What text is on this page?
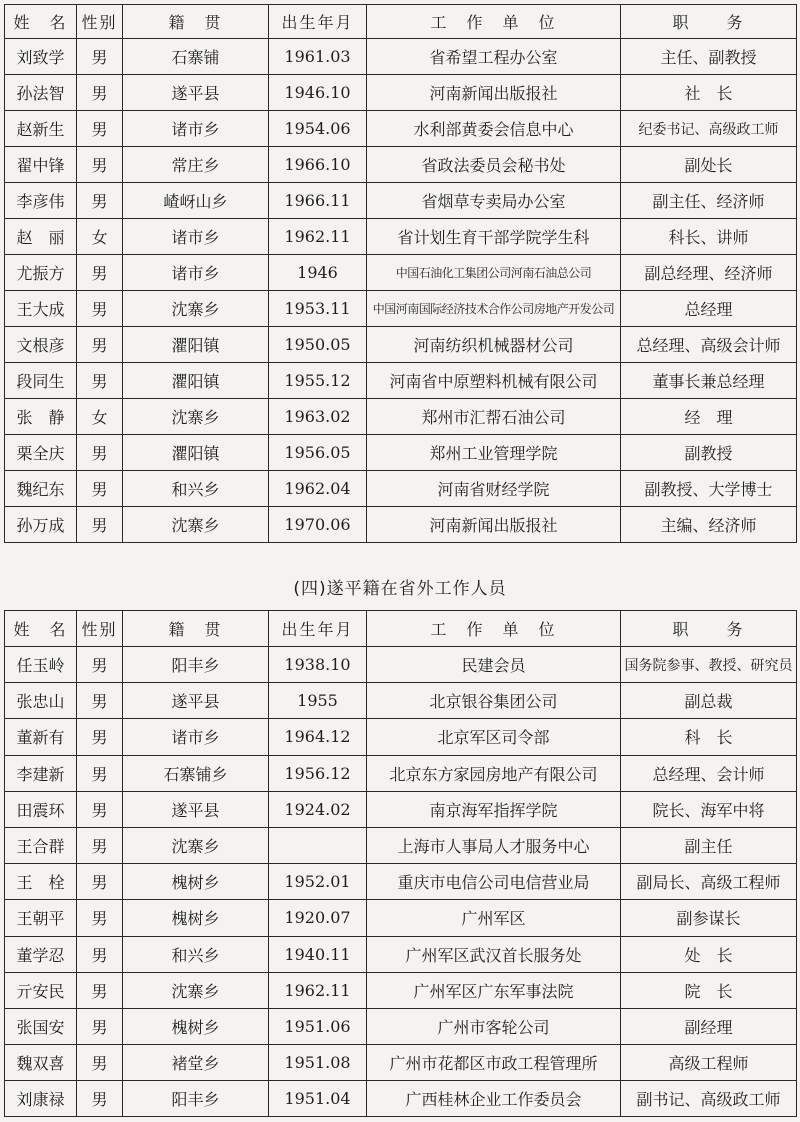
姓　名	性别	籍　贯	出生年月	工　作　单　位	职　　务
刘致学	男	石寨铺	1961.03	省希望工程办公室	主任、副教授
孙法智	男	遂平县	1946.10	河南新闻出版报社	社　长
赵新生	男	诸市乡	1954.06	水利部黄委会信息中心	纪委书记、高级政工师
翟中锋	男	常庄乡	1966.10	省政法委员会秘书处	副处长
李彦伟	男	嵖岈山乡	1966.11	省烟草专卖局办公室	副主任、经济师
赵　丽	女	诸市乡	1962.11	省计划生育干部学院学生科	科长、讲师
尤振方	男	诸市乡	1946	中国石油化工集团公司河南石油总公司	副总经理、经济师
王大成	男	沈寨乡	1953.11	中国河南国际经济技术合作公司房地产开发公司	总经理
文根彦	男	灈阳镇	1950.05	河南纺织机械器材公司	总经理、高级会计师
段同生	男	灈阳镇	1955.12	河南省中原塑料机械有限公司	董事长兼总经理
张　静	女	沈寨乡	1963.02	郑州市汇帮石油公司	经　理
栗全庆	男	灈阳镇	1956.05	郑州工业管理学院	副教授
魏纪东	男	和兴乡	1962.04	河南省财经学院	副教授、大学博士
孙万成	男	沈寨乡	1970.06	河南新闻出版报社	主编、经济师
(四)遂平籍在省外工作人员
姓　名	性别	籍　贯	出生年月	工　作　单　位	职　　务
任玉岭	男	阳丰乡	1938.10	民建会员	国务院参事、教授、研究员
张忠山	男	遂平县	1955	北京银谷集团公司	副总裁
董新有	男	诸市乡	1964.12	北京军区司令部	科　长
李建新	男	石寨铺乡	1956.12	北京东方家园房地产有限公司	总经理、会计师
田震环	男	遂平县	1924.02	南京海军指挥学院	院长、海军中将
王合群	男	沈寨乡		上海市人事局人才服务中心	副主任
王　栓	男	槐树乡	1952.01	重庆市电信公司电信营业局	副局长、高级工程师
王朝平	男	槐树乡	1920.07	广州军区	副参谋长
董学忍	男	和兴乡	1940.11	广州军区武汉首长服务处	处　长
亓安民	男	沈寨乡	1962.11	广州军区广东军事法院	院　长
张国安	男	槐树乡	1951.06	广州市客轮公司	副经理
魏双喜	男	褚堂乡	1951.08	广州市花都区市政工程管理所	高级工程师
刘康禄	男	阳丰乡	1951.04	广西桂林企业工作委员会	副书记、高级政工师
